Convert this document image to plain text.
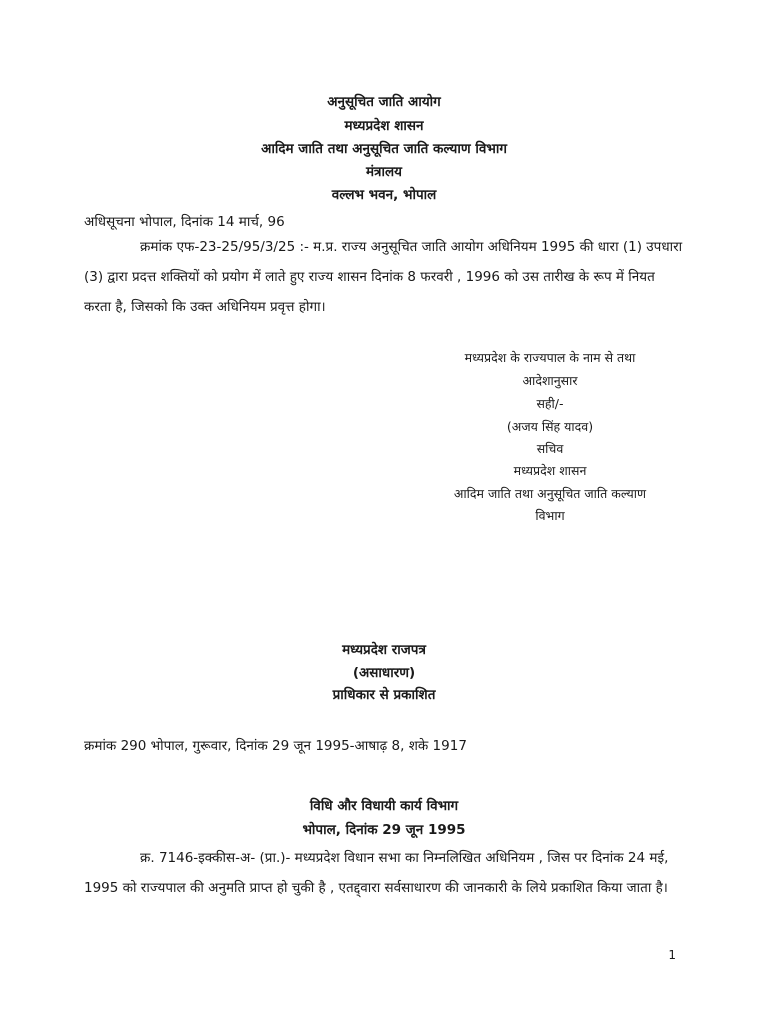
अनुसूचित जाति आयोग
मध्यप्रदेश शासन
आदिम जाति तथा अनुसूचित जाति कल्याण विभाग
मंत्रालय
वल्लभ भवन, भोपाल
अधिसूचना भोपाल, दिनांक 14 मार्च, 96
क्रमांक एफ-23-25/95/3/25 :- म.प्र. राज्य अनुसूचित जाति आयोग अधिनियम 1995 की धारा (1) उपधारा (3) द्वारा प्रदत्त शक्तियों को प्रयोग में लाते हुए राज्य शासन दिनांक 8 फरवरी , 1996 को उस तारीख के रूप में नियत करता है, जिसको कि उक्त अधिनियम प्रवृत्त होगा।
मध्यप्रदेश के राज्यपाल के नाम से तथा
आदेशानुसार
सही/-
(अजय सिंह यादव)
सचिव
मध्यप्रदेश शासन
आदिम जाति तथा अनुसूचित जाति कल्याण
विभाग
मध्यप्रदेश राजपत्र
(असाधारण)
प्राधिकार से प्रकाशित
क्रमांक 290 भोपाल, गुरूवार, दिनांक 29 जून 1995-आषाढ़ 8, शके 1917
विधि और विधायी कार्य विभाग
भोपाल, दिनांक 29 जून 1995
क्र. 7146-इक्कीस-अ- (प्रा.)- मध्यप्रदेश विधान सभा का निम्नलिखित अधिनियम , जिस पर दिनांक 24 मई, 1995 को राज्यपाल की अनुमति प्राप्त हो चुकी है , एतद्द्वारा सर्वसाधारण की जानकारी के लिये प्रकाशित किया जाता है।
1
